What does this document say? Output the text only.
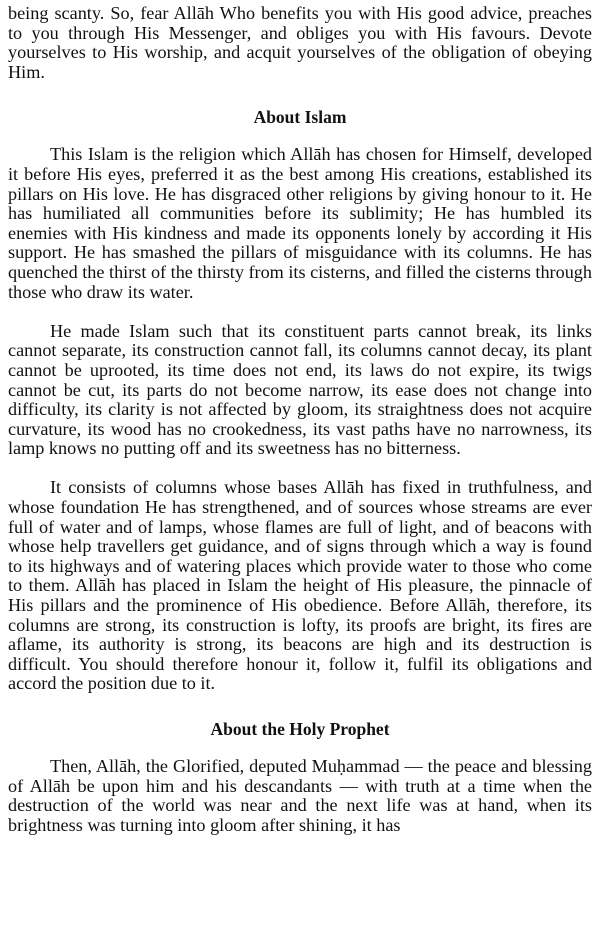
being scanty. So, fear Allāh Who benefits you with His good advice, preaches to you through His Messenger, and obliges you with His favours. Devote yourselves to His worship, and acquit yourselves of the obligation of obeying Him.

About Islam

This Islam is the religion which Allāh has chosen for Himself, developed it before His eyes, preferred it as the best among His creations, established its pillars on His love. He has disgraced other religions by giving honour to it. He has humiliated all communities before its sublimity; He has humbled its enemies with His kindness and made its opponents lonely by according it His support. He has smashed the pillars of misguidance with its columns. He has quenched the thirst of the thirsty from its cisterns, and filled the cisterns through those who draw its water.

He made Islam such that its constituent parts cannot break, its links cannot separate, its construction cannot fall, its columns cannot decay, its plant cannot be uprooted, its time does not end, its laws do not expire, its twigs cannot be cut, its parts do not become narrow, its ease does not change into difficulty, its clarity is not affected by gloom, its straightness does not acquire curvature, its wood has no crookedness, its vast paths have no narrowness, its lamp knows no putting off and its sweetness has no bitterness.

It consists of columns whose bases Allāh has fixed in truthfulness, and whose foundation He has strengthened, and of sources whose streams are ever full of water and of lamps, whose flames are full of light, and of beacons with whose help travellers get guidance, and of signs through which a way is found to its highways and of watering places which provide water to those who come to them. Allāh has placed in Islam the height of His pleasure, the pinnacle of His pillars and the prominence of His obedience. Before Allāh, therefore, its columns are strong, its construction is lofty, its proofs are bright, its fires are aflame, its authority is strong, its beacons are high and its destruction is difficult. You should therefore honour it, follow it, fulfil its obligations and accord the position due to it.

About the Holy Prophet

Then, Allāh, the Glorified, deputed Muḥammad — the peace and blessing of Allāh be upon him and his descandants — with truth at a time when the destruction of the world was near and the next life was at hand, when its brightness was turning into gloom after shining, it has
